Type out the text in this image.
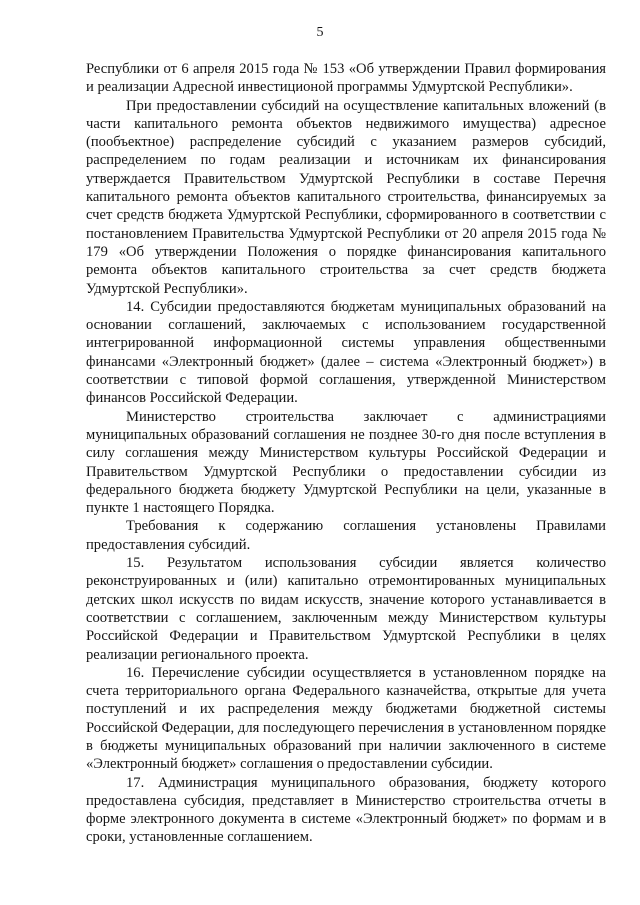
5

Республики от 6 апреля 2015 года № 153 «Об утверждении Правил формирования и реализации Адресной инвестиционой программы Удмуртской Республики».

При предоставлении субсидий на осуществление капитальных вложений (в части капитального ремонта объектов недвижимого имущества) адресное (пообъектное) распределение субсидий с указанием размеров субсидий, распределением по годам реализации и источникам их финансирования утверждается Правительством Удмуртской Республики в составе Перечня капитального ремонта объектов капитального строительства, финансируемых за счет средств бюджета Удмуртской Республики, сформированного в соответствии с постановлением Правительства Удмуртской Республики от 20 апреля 2015 года № 179 «Об утверждении Положения о порядке финансирования капитального ремонта объектов капитального строительства за счет средств бюджета Удмуртской Республики».

14. Субсидии предоставляются бюджетам муниципальных образований на основании соглашений, заключаемых с использованием государственной интегрированной информационной системы управления общественными финансами «Электронный бюджет» (далее – система «Электронный бюджет») в соответствии с типовой формой соглашения, утвержденной Министерством финансов Российской Федерации.

Министерство строительства заключает с администрациями муниципальных образований соглашения не позднее 30-го дня после вступления в силу соглашения между Министерством культуры Российской Федерации и Правительством Удмуртской Республики о предоставлении субсидии из федерального бюджета бюджету Удмуртской Республики на цели, указанные в пункте 1 настоящего Порядка.

Требования к содержанию соглашения установлены Правилами предоставления субсидий.

15. Результатом использования субсидии является количество реконструированных и (или) капитально отремонтированных муниципальных детских школ искусств по видам искусств, значение которого устанавливается в соответствии с соглашением, заключенным между Министерством культуры Российской Федерации и Правительством Удмуртской Республики в целях реализации регионального проекта.

16. Перечисление субсидии осуществляется в установленном порядке на счета территориального органа Федерального казначейства, открытые для учета поступлений и их распределения между бюджетами бюджетной системы Российской Федерации, для последующего перечисления в установленном порядке в бюджеты муниципальных образований при наличии заключенного в системе «Электронный бюджет» соглашения о предоставлении субсидии.

17. Администрация муниципального образования, бюджету которого предоставлена субсидия, представляет в Министерство строительства отчеты в форме электронного документа в системе «Электронный бюджет» по формам и в сроки, установленные соглашением.
